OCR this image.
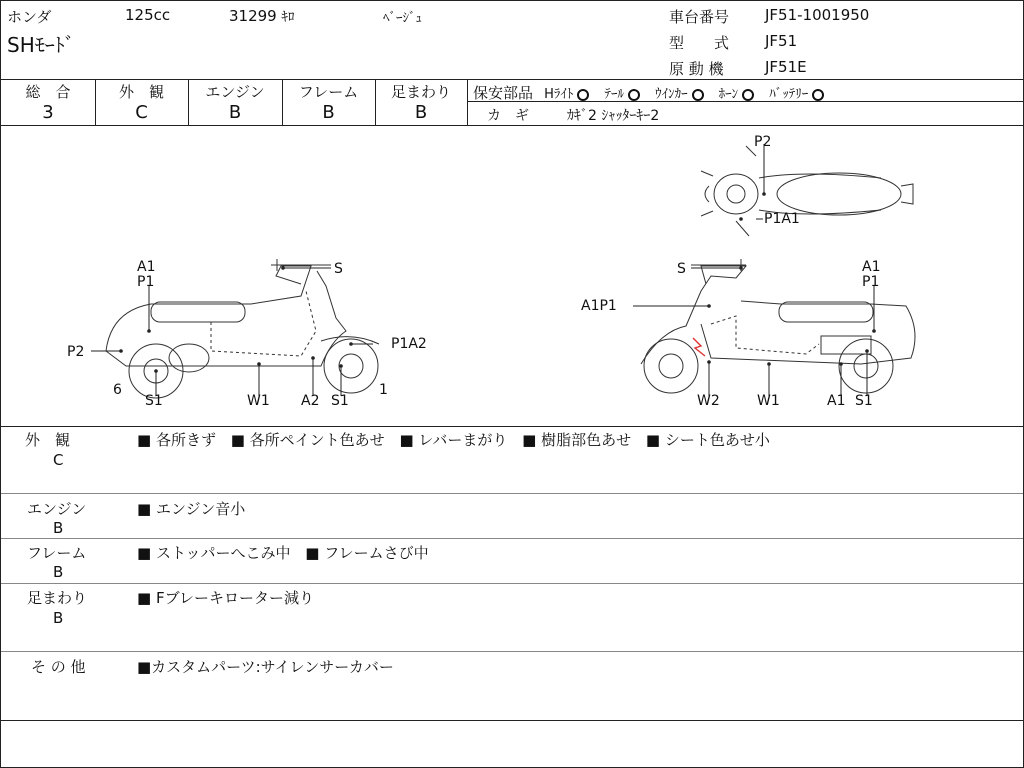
ホンダ	125cc	31299 ｷﾛ	ﾍﾞｰｼﾞｭ
SHﾓｰﾄﾞ
車台番号 JF51-1001950
型　　式 JF51
原 動 機	JF51E
総　合
3
外　観
C
エンジン
B
フレーム
B
足まわり
B
保安部品 Hﾗｲﾄ ﾃｰﾙ ｳｲﾝｶｰ ﾎｰﾝ ﾊﾞｯﾃﾘｰ
カ　ギ	ｶｷﾞ2 ｼｬｯﾀｰｷｰ2
P2
P1A1
A1
P1
S
P2	P1A2
6
S1	W1 A2 S1
1
S	A1
P1
A1P1
W2	W1	A1 S1
外　観
C
■ 各所きず ■ 各所ペイント色あせ ■ レバーまがり ■ 樹脂部色あせ ■ シート色あせ小
エンジン
B
■ エンジン音小
フレーム
B
■ ストッパーへこみ中 ■ フレームさび中
足まわり
B
■ Fブレーキローター減り
そ の 他	■カスタムパーツ:サイレンサーカバー
